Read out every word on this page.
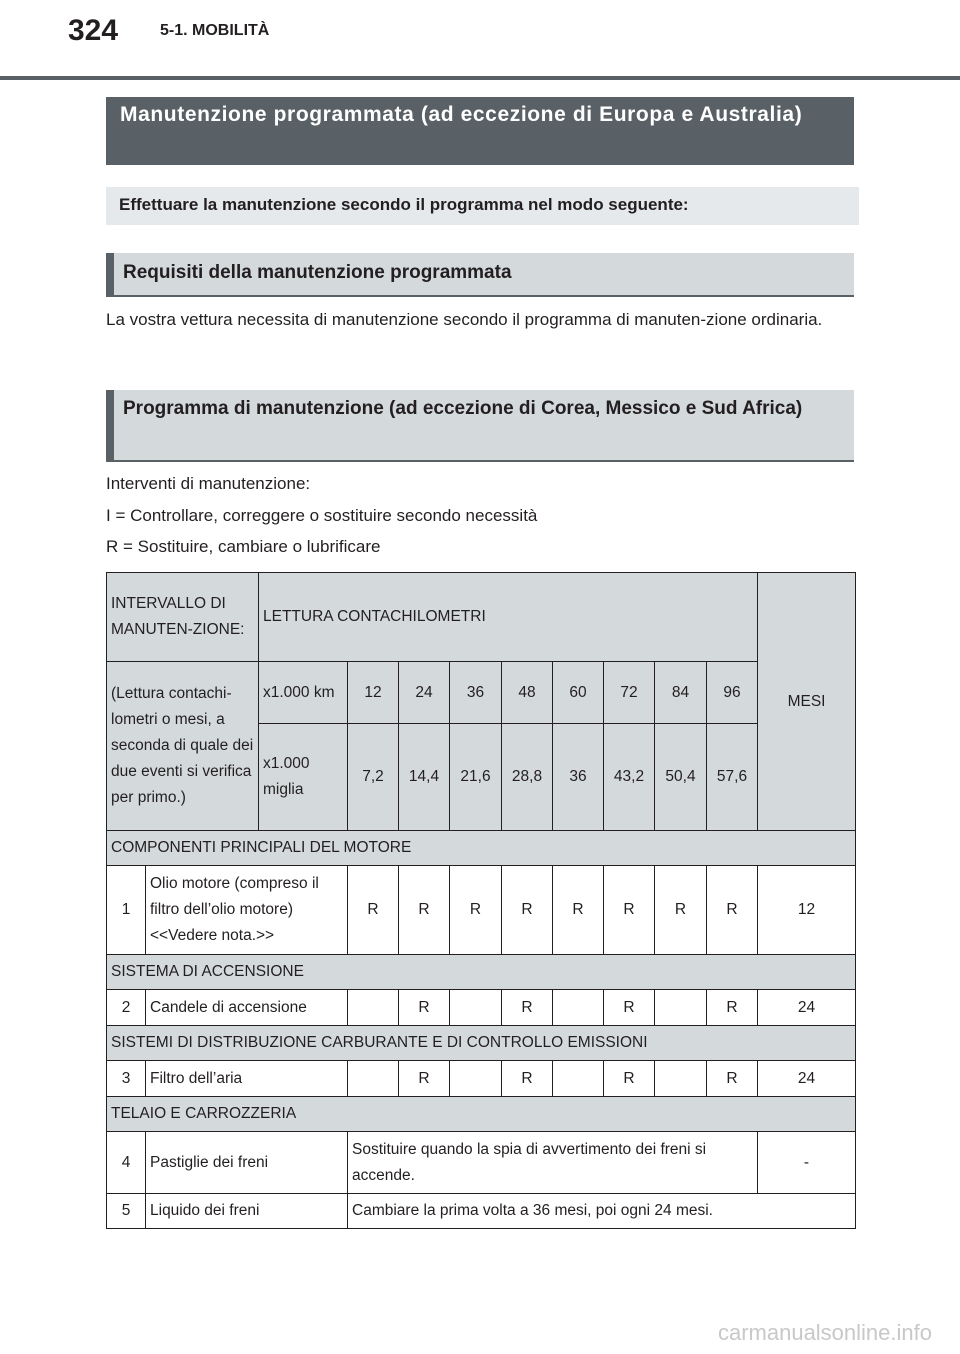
324	5-1. MOBILITÀ
Manutenzione programmata (ad eccezione di Europa e Australia)
Effettuare la manutenzione secondo il programma nel modo seguente:
Requisiti della manutenzione programmata
La vostra vettura necessita di manutenzione secondo il programma di manuten-zione ordinaria.
Programma di manutenzione (ad eccezione di Corea, Messico e Sud Africa)
Interventi di manutenzione:
I = Controllare, correggere o sostituire secondo necessità
R = Sostituire, cambiare o lubrificare
INTERVALLO DI MANUTEN-ZIONE:		LETTURA CONTACHILOMETRI									MESI
(Lettura contachi-lometri o mesi, a seconda di quale dei due eventi si verifica per primo.)		x1.000 km	12	24	36	48	60	72	84	96	
		x1.000 miglia	7,2	14,4	21,6	28,8	36	43,2	50,4	57,6	
COMPONENTI PRINCIPALI DEL MOTORE											
1	Olio motore (compreso il filtro dell’olio motore) <<Vedere nota.>>		R	R	R	R	R	R	R	R	12
SISTEMA DI ACCENSIONE											
2	Candele di accensione			R		R		R		R	24
SISTEMI DI DISTRIBUZIONE CARBURANTE E DI CONTROLLO EMISSIONI											
3	Filtro dell’aria			R		R		R		R	24
TELAIO E CARROZZERIA											
4	Pastiglie dei freni		Sostituire quando la spia di avvertimento dei freni si accende.								-
5	Liquido dei freni		Cambiare la prima volta a 36 mesi, poi ogni 24 mesi.								
carmanualsonline.info
